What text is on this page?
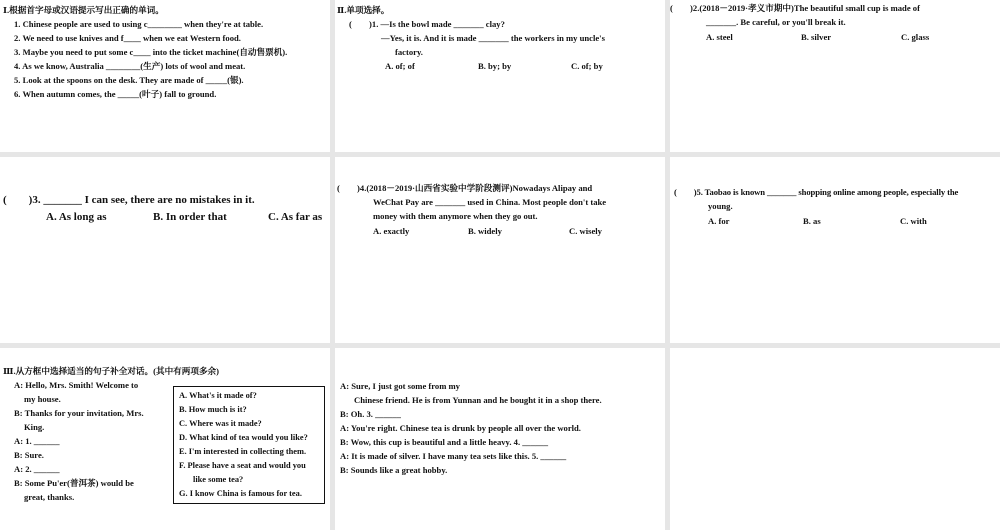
Ⅰ.根据首字母或汉语提示写出正确的单词。
1. Chinese people are used to using c________ when they're at table.
2. We need to use knives and f____ when we eat Western food.
3. Maybe you need to put some c____ into the ticket machine(自动售票机).
4. As we know, Australia ________(生产) lots of wool and meat.
5. Look at the spoons on the desk. They are made of _____(银).
6. When autumn comes, the _____(叶子) fall to ground.
Ⅱ.单项选择。
(　　)1. —Is the bowl made _______ clay?
—Yes, it is. And it is made _______ the workers in my uncle's
factory.
A. of; of	B. by; by	C. of; by
(　　)2.(2018－2019·孝义市期中)The beautiful small cup is made of
_______. Be careful, or you'll break it.
A. steel	B. silver	C. glass
(　　)3. _______ I can see, there are no mistakes in it.
A. As long as	B. In order that	C. As far as
(　　)4.(2018－2019·山西省实验中学阶段测评)Nowadays Alipay and
WeChat Pay are _______ used in China. Most people don't take
money with them anymore when they go out.
A. exactly	B. widely	C. wisely
(　　)5. Taobao is known _______ shopping online among people, especially the
young.
A. for	B. as	C. with
Ⅲ.从方框中选择适当的句子补全对话。(其中有两项多余)
A: Hello, Mrs. Smith! Welcome to
my house.
B: Thanks for your invitation, Mrs.
King.
A: 1. ______
B: Sure.
A: 2. ______
B: Some Pu'er(普洱茶) would be
great, thanks.
A. What's it made of?
B. How much is it?
C. Where was it made?
D. What kind of tea would you like?
E. I'm interested in collecting them.
F. Please have a seat and would you
like some tea?
G. I know China is famous for tea.
A: Sure, I just got some from my
Chinese friend. He is from Yunnan and he bought it in a shop there.
B: Oh. 3. ______
A: You're right. Chinese tea is drunk by people all over the world.
B: Wow, this cup is beautiful and a little heavy. 4. ______
A: It is made of silver. I have many tea sets like this. 5. ______
B: Sounds like a great hobby.
